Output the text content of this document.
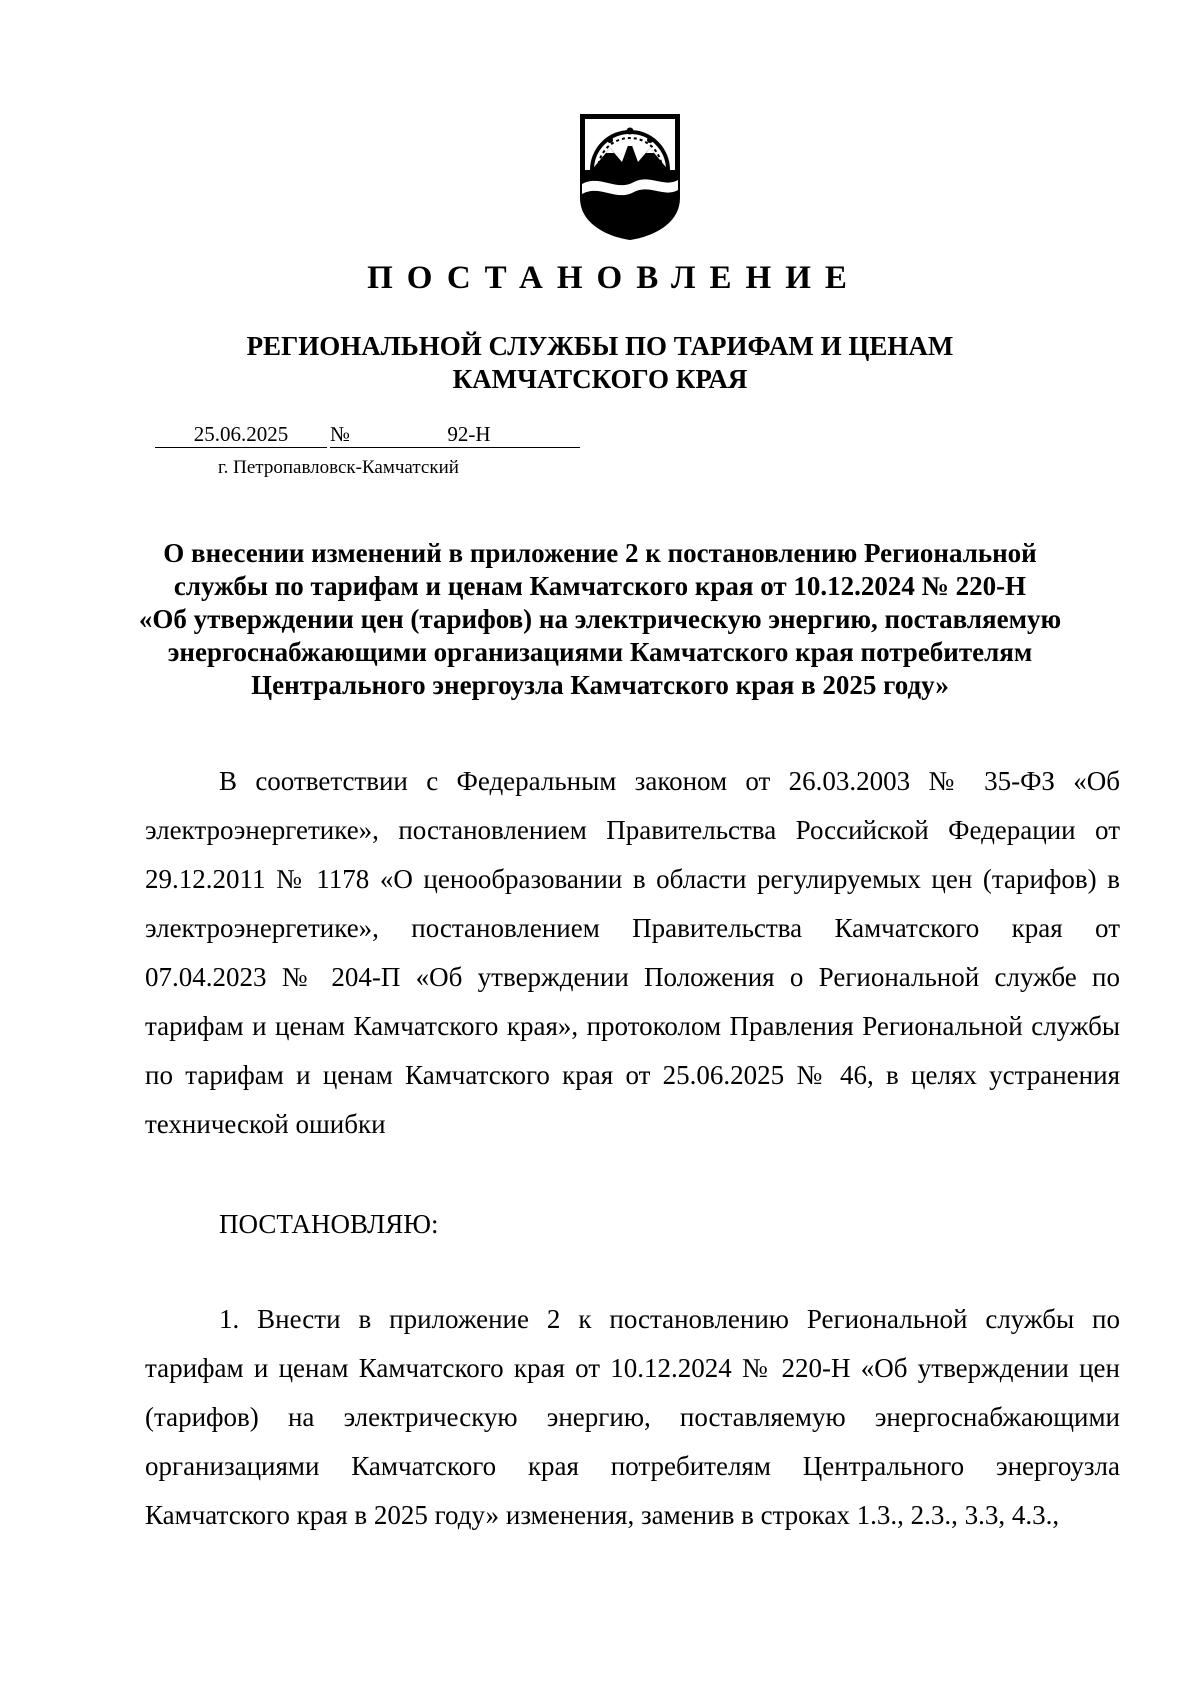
ПОСТАНОВЛЕНИЕ
РЕГИОНАЛЬНОЙ СЛУЖБЫ ПО ТАРИФАМ И ЦЕНАМ
КАМЧАТСКОГО КРАЯ
25.06.2025	№	92-Н
г. Петропавловск-Камчатский
О внесении изменений в приложение 2 к постановлению Региональной
службы по тарифам и ценам Камчатского края от 10.12.2024 № 220-Н
«Об утверждении цен (тарифов) на электрическую энергию, поставляемую
энергоснабжающими организациями Камчатского края потребителям
Центрального энергоузла Камчатского края в 2025 году»

В соответствии с Федеральным законом от 26.03.2003 № 35-ФЗ «Об электроэнергетике», постановлением Правительства Российской Федерации от 29.12.2011 № 1178 «О ценообразовании в области регулируемых цен (тарифов) в электроэнергетике», постановлением Правительства Камчатского края от 07.04.2023 № 204-П «Об утверждении Положения о Региональной службе по тарифам и ценам Камчатского края», протоколом Правления Региональной службы по тарифам и ценам Камчатского края от 25.06.2025 № 46, в целях устранения технической ошибки

ПОСТАНОВЛЯЮ:

1. Внести в приложение 2 к постановлению Региональной службы по тарифам и ценам Камчатского края от 10.12.2024 № 220-Н «Об утверждении цен (тарифов) на электрическую энергию, поставляемую энергоснабжающими организациями Камчатского края потребителям Центрального энергоузла Камчатского края в 2025 году» изменения, заменив в строках 1.3., 2.3., 3.3, 4.3.,
